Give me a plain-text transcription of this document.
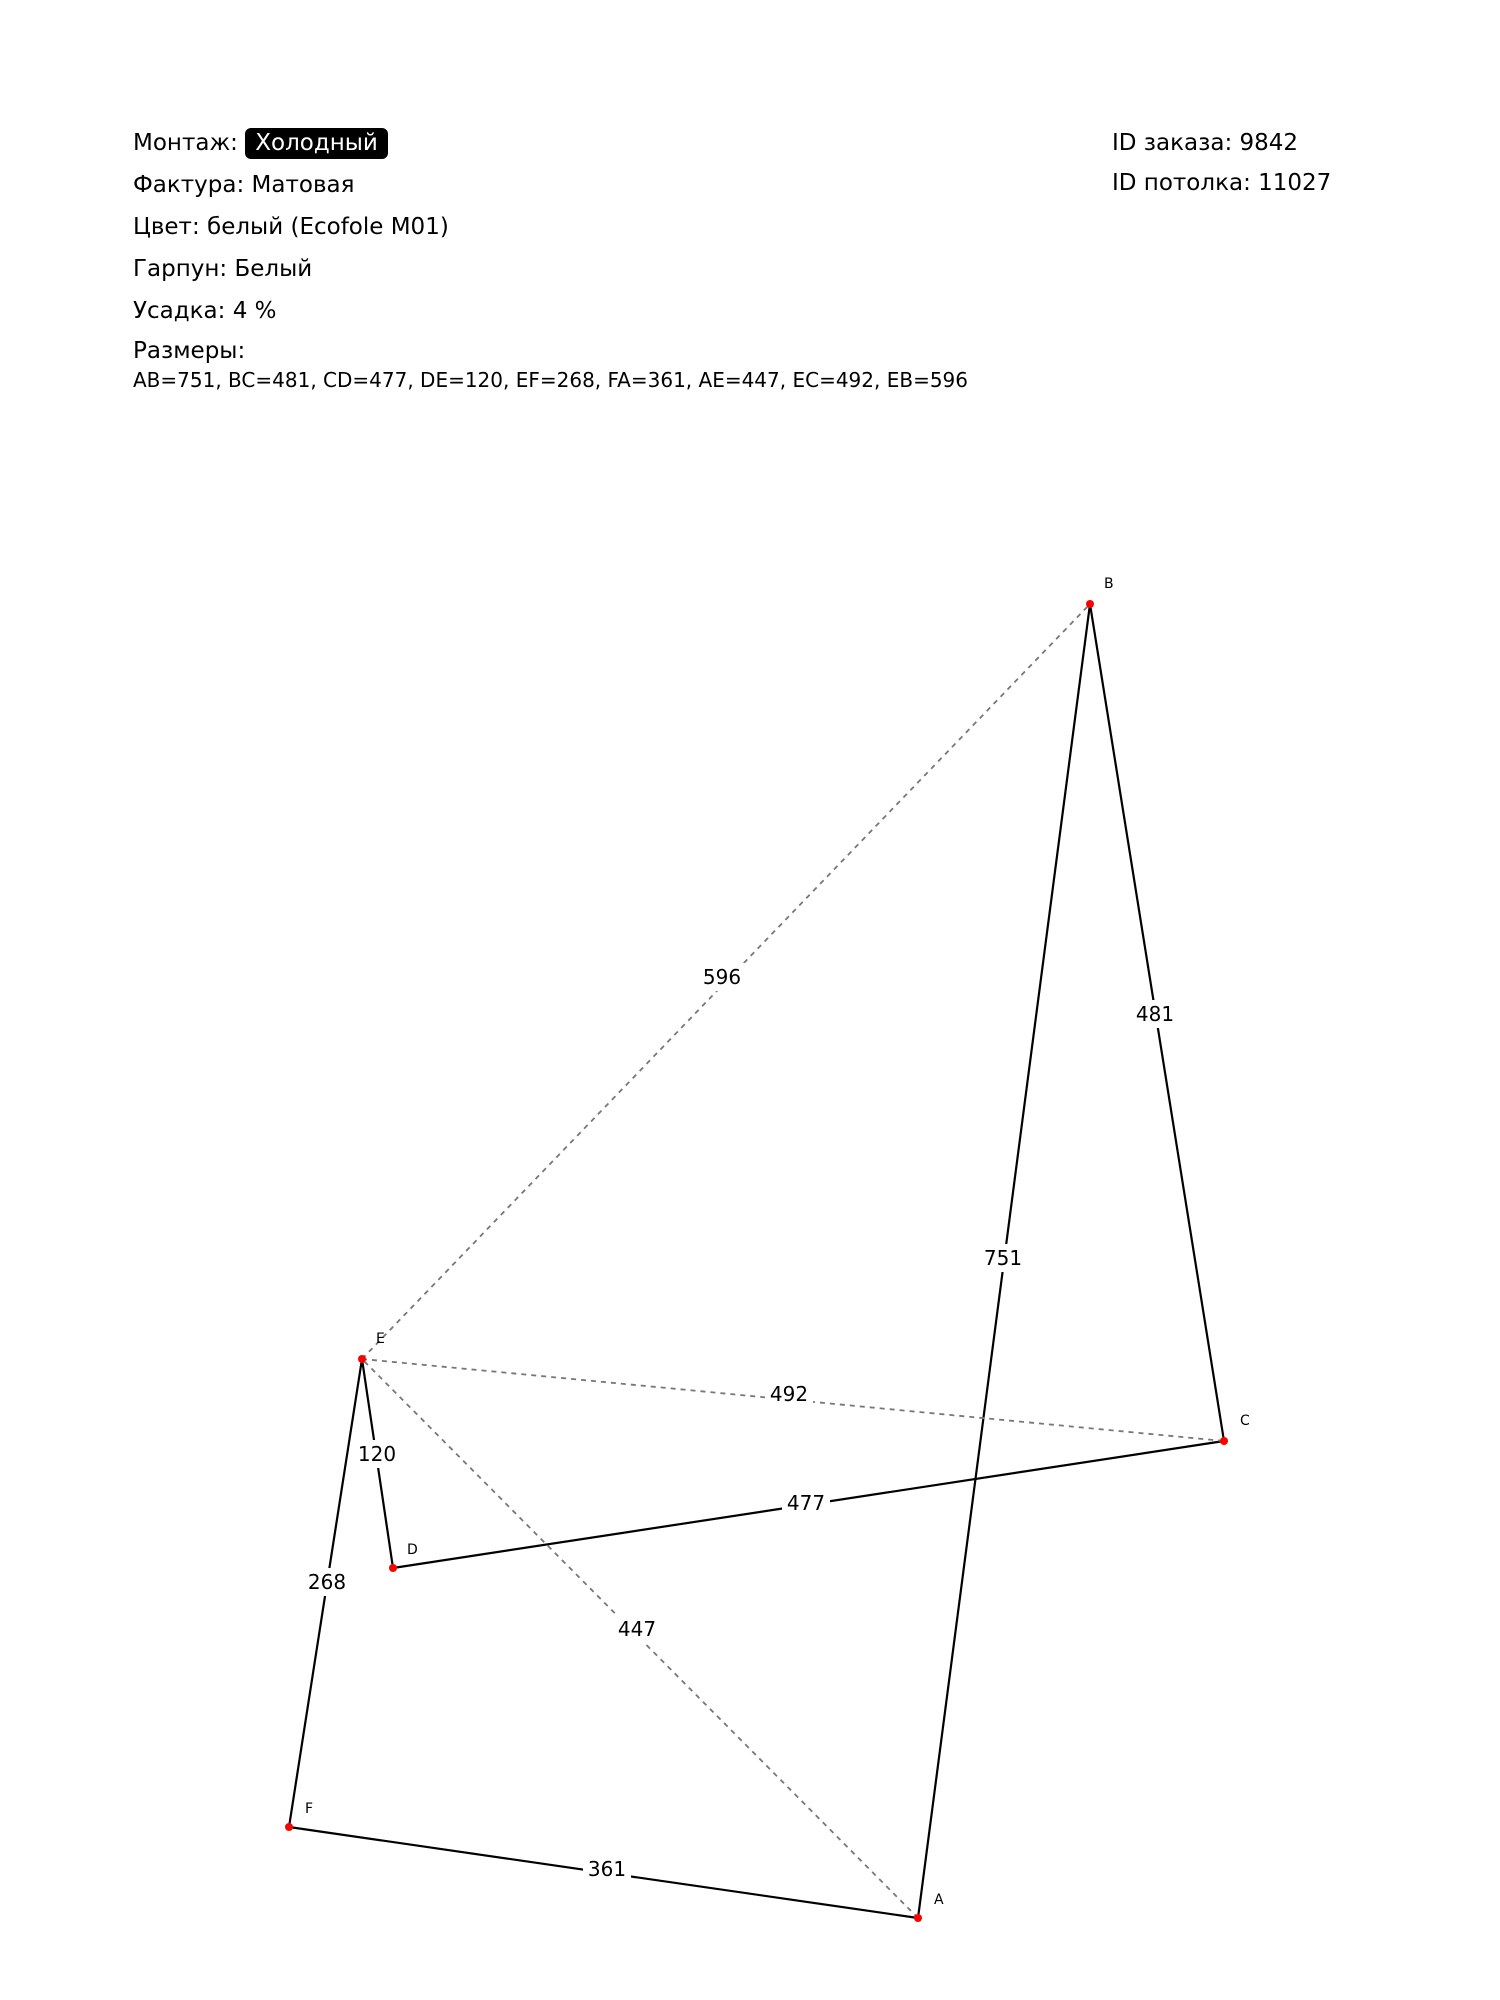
Монтаж: Холодный
Фактура: Матовая
Цвет: белый (Ecofole M01)
Гарпун: Белый
Усадка: 4 %
Размеры:
AB=751, BC=481, CD=477, DE=120, EF=268, FA=361, AE=447, EC=492, EB=596
ID заказа: 9842
ID потолка: 11027
751
481
477
120
268
361
447
492
596
A
B
C
D
E
F
